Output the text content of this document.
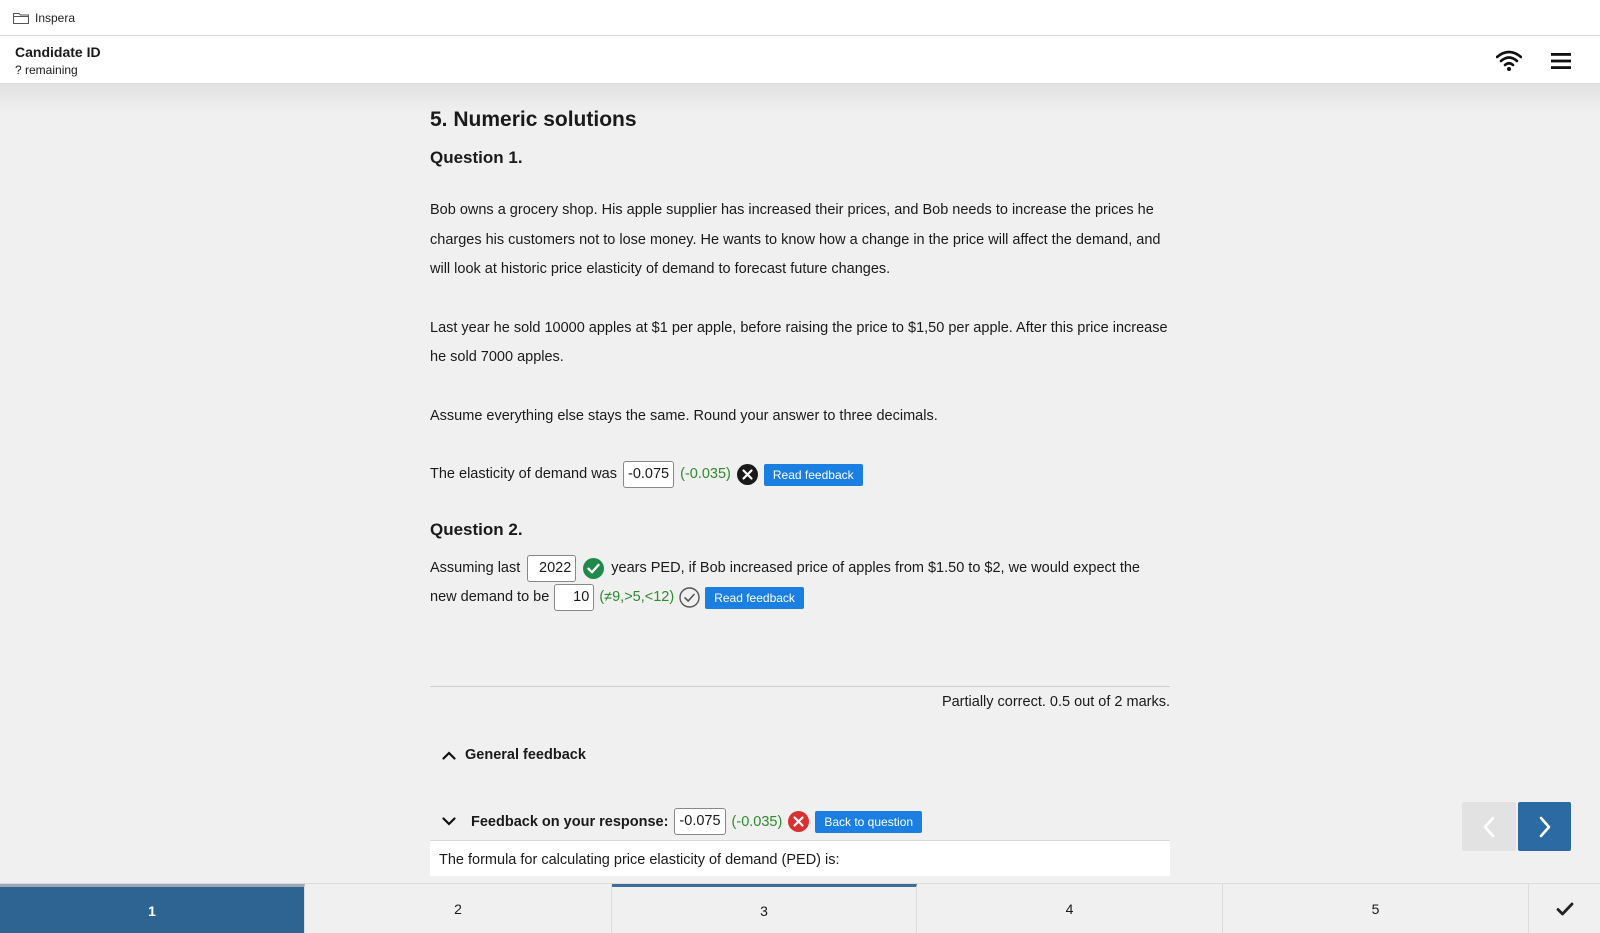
Inspera
Candidate ID
? remaining
5. Numeric solutions
Question 1.

Bob owns a grocery shop. His apple supplier has increased their prices, and Bob needs to increase the prices he charges his customers not to lose money. He wants to know how a change in the price will affect the demand, and will look at historic price elasticity of demand to forecast future changes.

Last year he sold 10000 apples at $1 per apple, before raising the price to $1,50 per apple. After this price increase he sold 7000 apples.

Assume everything else stays the same. Round your answer to three decimals.

The elasticity of demand was -0.075 (-0.035)	Read feedback
Question 2.
Assuming last	2022	years PED, if Bob increased price of apples from $1.50 to $2, we would expect the
new demand to be	10 (≠9,>5,<12)	Read feedback
Partially correct. 0.5 out of 2 marks.
General feedback
Feedback on your response: -0.075 (-0.035)	Back to question
The formula for calculating price elasticity of demand (PED) is:
1	2	3	4	5
